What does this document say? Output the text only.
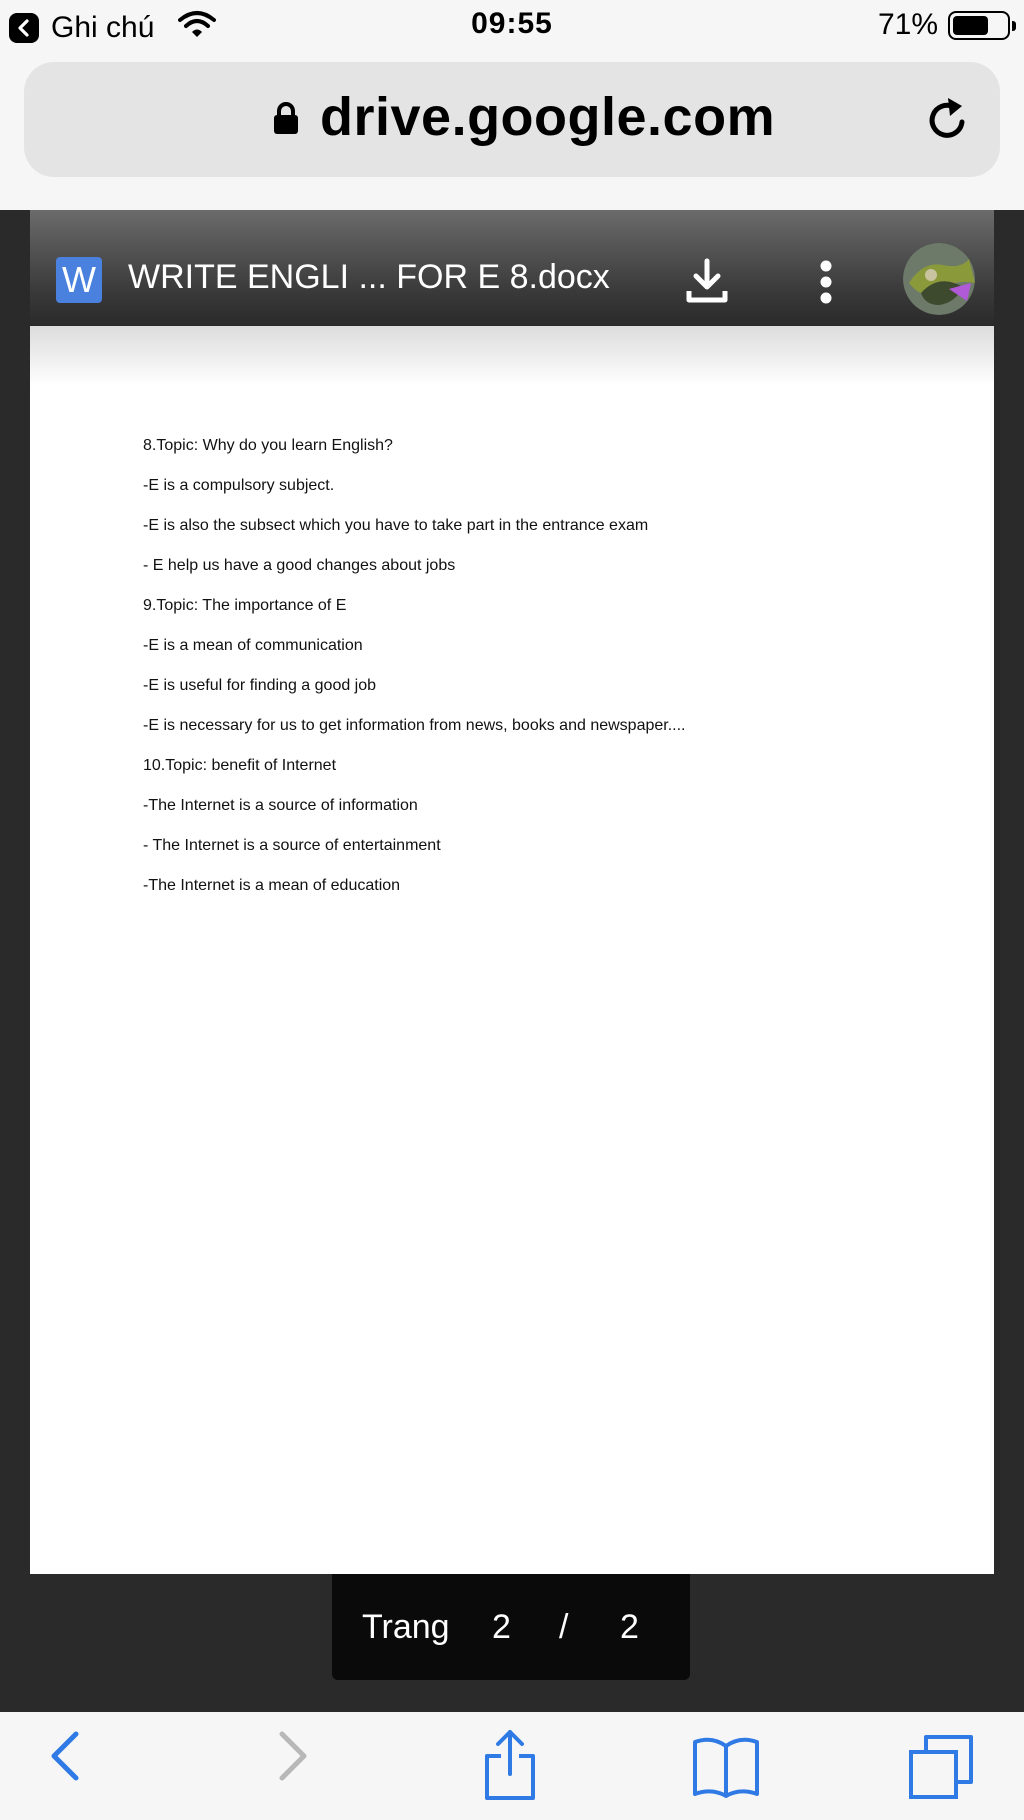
Ghi chú	09:55	71%
drive.google.com
W WRITE ENGLI ... FOR E 8.docx
8.Topic: Why do you learn English?
-E is a compulsory subject.
-E is also the subsect which you have to take part in the entrance exam
- E help us have a good changes about jobs
9.Topic: The importance of E
-E is a mean of communication
-E is useful for finding a good job
-E is necessary for us to get information from news, books and newspaper....
10.Topic: benefit of Internet
-The Internet is a source of information
- The Internet is a source of entertainment
-The Internet is a mean of education
Trang 2 / 2
